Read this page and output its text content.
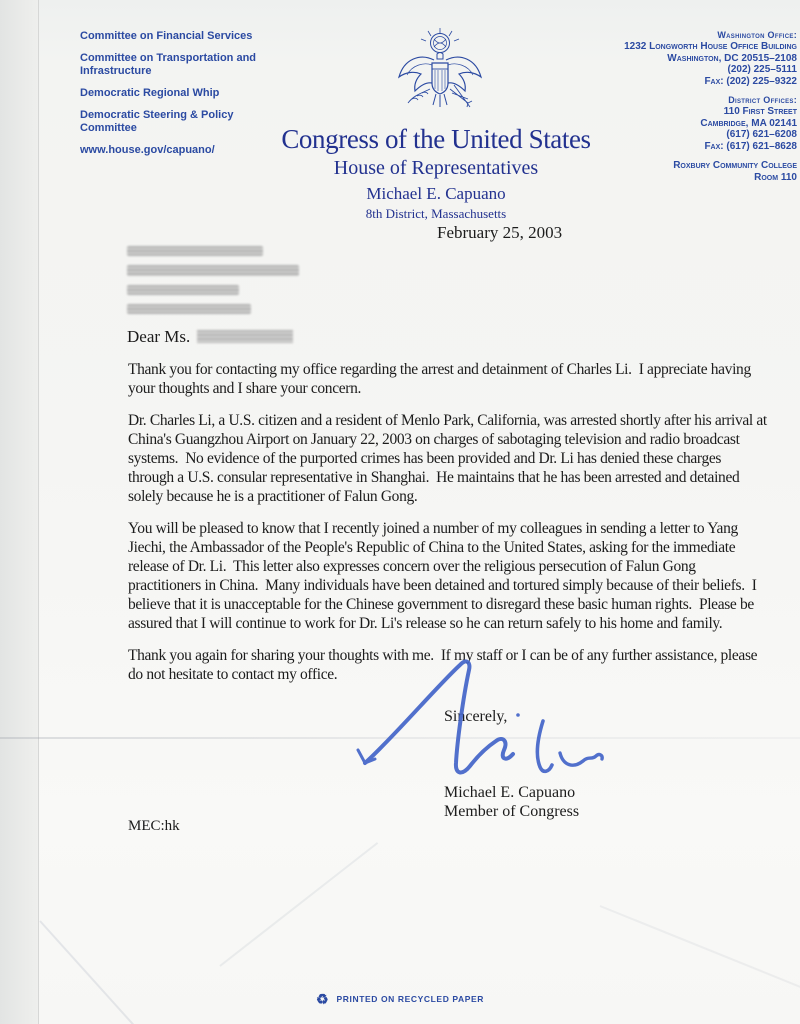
Committee on Financial Services
Committee on Transportation and Infrastructure
Democratic Regional Whip
Democratic Steering & Policy Committee
www.house.gov/capuano/	Congress of the United States
House of Representatives
Michael E. Capuano
8th District, Massachusetts
Washington Office:
1232 Longworth House Office Building
Washington, DC 20515–2108
(202) 225–5111
Fax: (202) 225–9322
District Offices:
110 First Street
Cambridge, MA 02141
(617) 621–6208
Fax: (617) 621–8628
Roxbury Community College
Room 110
February 25, 2003
Dear Ms.

Thank you for contacting my office regarding the arrest and detainment of Charles Li.  I appreciate having your thoughts and I share your concern.

Dr. Charles Li, a U.S. citizen and a resident of Menlo Park, California, was arrested shortly after his arrival at China's Guangzhou Airport on January 22, 2003 on charges of sabotaging television and radio broadcast systems.  No evidence of the purported crimes has been provided and Dr. Li has denied these charges through a U.S. consular representative in Shanghai.  He maintains that he has been arrested and detained solely because he is a practitioner of Falun Gong.

You will be pleased to know that I recently joined a number of my colleagues in sending a letter to Yang Jiechi, the Ambassador of the People's Republic of China to the United States, asking for the immediate release of Dr. Li.  This letter also expresses concern over the religious persecution of Falun Gong practitioners in China.  Many individuals have been detained and tortured simply because of their beliefs.  I believe that it is unacceptable for the Chinese government to disregard these basic human rights.  Please be assured that I will continue to work for Dr. Li's release so he can return safely to his home and family.

Thank you again for sharing your thoughts with me.  If my staff or I can be of any further assistance, please do not hesitate to contact my office.

Sincerely,
Michael E. Capuano
Member of Congress
MEC:hk
♻ PRINTED ON RECYCLED PAPER
